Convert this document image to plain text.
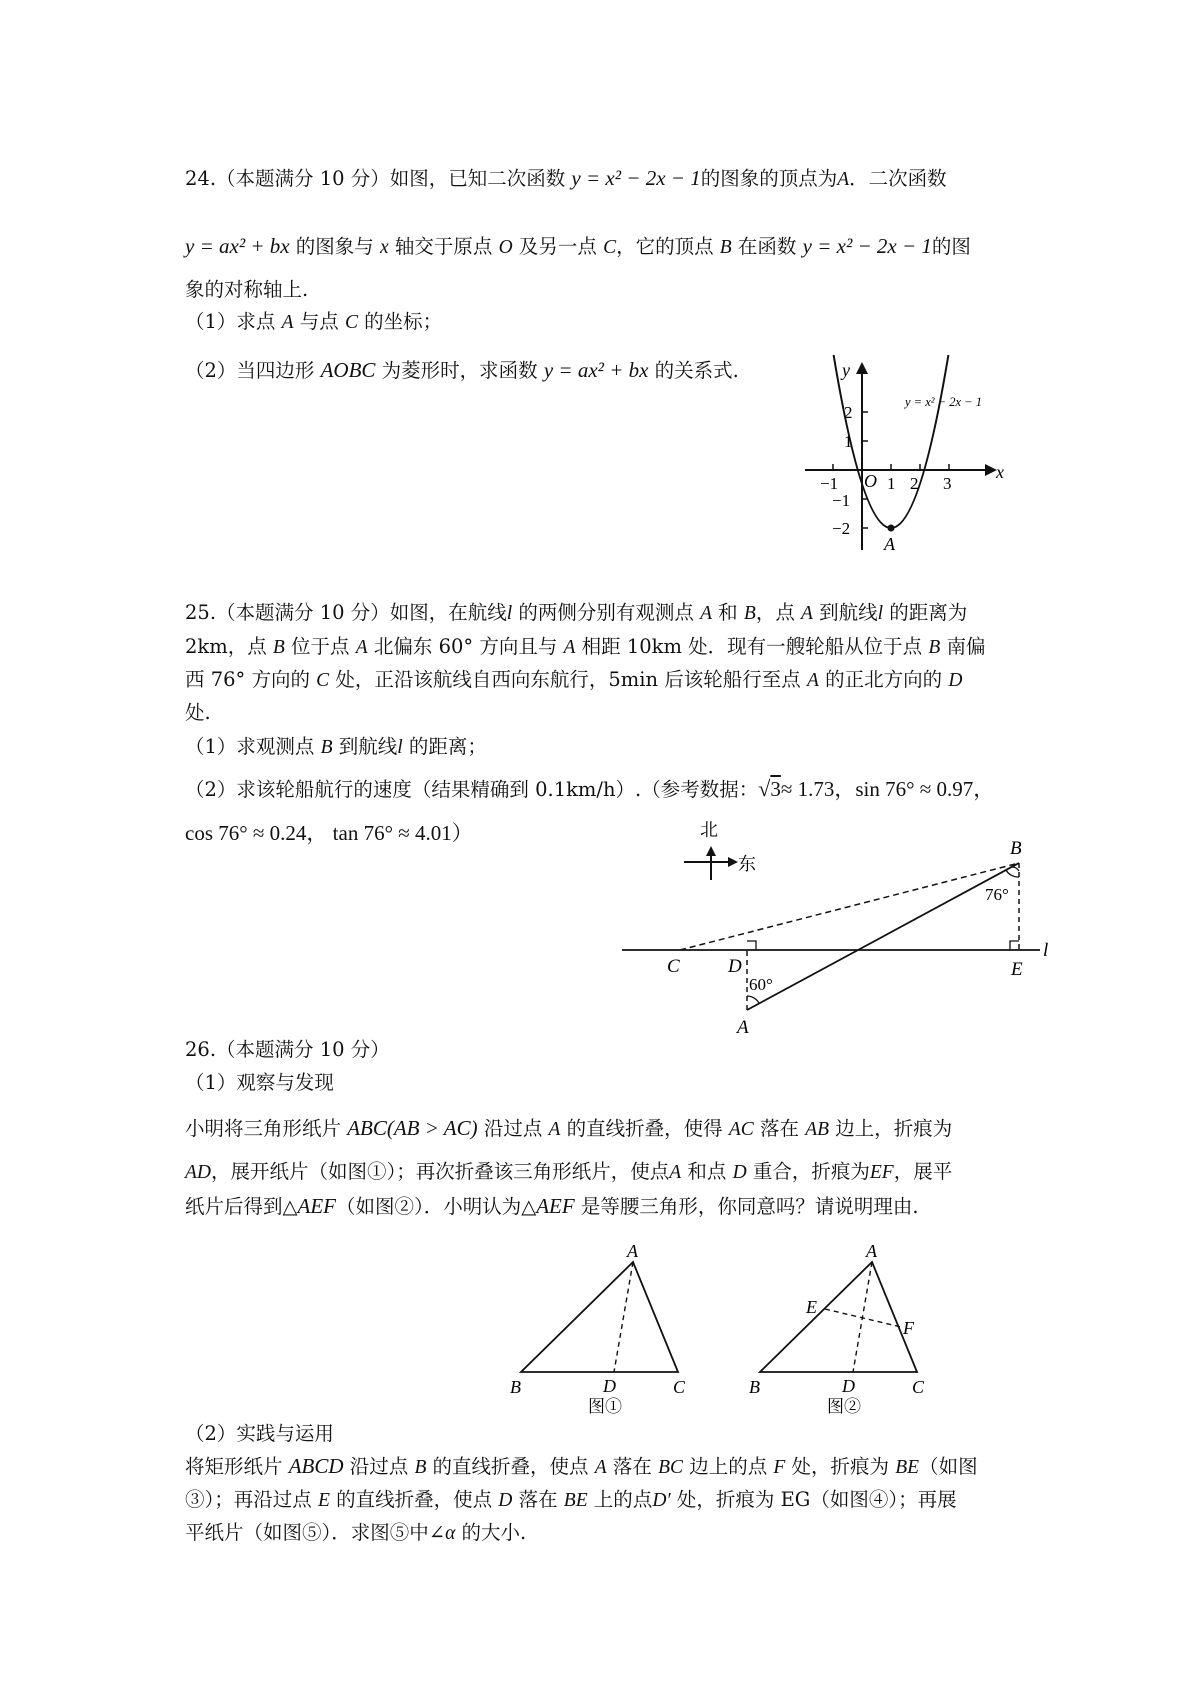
24.（本题满分 10 分）如图，已知二次函数 y = x² − 2x − 1的图象的顶点为A．二次函数

y = ax² + bx 的图象与 x 轴交于原点 O 及另一点 C，它的顶点 B 在函数 y = x² − 2x − 1的图

象的对称轴上.

（1）求点 A 与点 C 的坐标；

（2）当四边形 AOBC 为菱形时，求函数 y = ax² + bx 的关系式.	y
x
O
A
y = x² − 2x − 1
2
1
−1
−2
−1	1 2 3

25.（本题满分 10 分）如图，在航线l 的两侧分别有观测点 A 和 B，点 A 到航线l 的距离为

2km，点 B 位于点 A 北偏东 60° 方向且与 A 相距 10km 处．现有一艘轮船从位于点 B 南偏

西 76° 方向的 C 处，正沿该航线自西向东航行，5min 后该轮船行至点 A 的正北方向的 D

处.

（1）求观测点 B 到航线l 的距离；

（2）求该轮船航行的速度（结果精确到 0.1km/h）.（参考数据：√3≈ 1.73，sin 76° ≈ 0.97，

cos 76° ≈ 0.24， tan 76° ≈ 4.01）	北
东
B
C	D	E
A
l
76°
60°

26.（本题满分 10 分）

（1）观察与发现

小明将三角形纸片 ABC(AB > AC) 沿过点 A 的直线折叠，使得 AC 落在 AB 边上，折痕为

AD，展开纸片（如图①）；再次折叠该三角形纸片，使点A 和点 D 重合，折痕为EF，展平

纸片后得到△AEF（如图②）．小明认为△AEF 是等腰三角形，你同意吗？请说明理由.

A
B	C
D
图①
A
E
F
B	C
D
图②

（2）实践与运用

将矩形纸片 ABCD 沿过点 B 的直线折叠，使点 A 落在 BC 边上的点 F 处，折痕为 BE（如图

③）；再沿过点 E 的直线折叠，使点 D 落在 BE 上的点D′ 处，折痕为 EG（如图④）；再展

平纸片（如图⑤）．求图⑤中∠α 的大小.
